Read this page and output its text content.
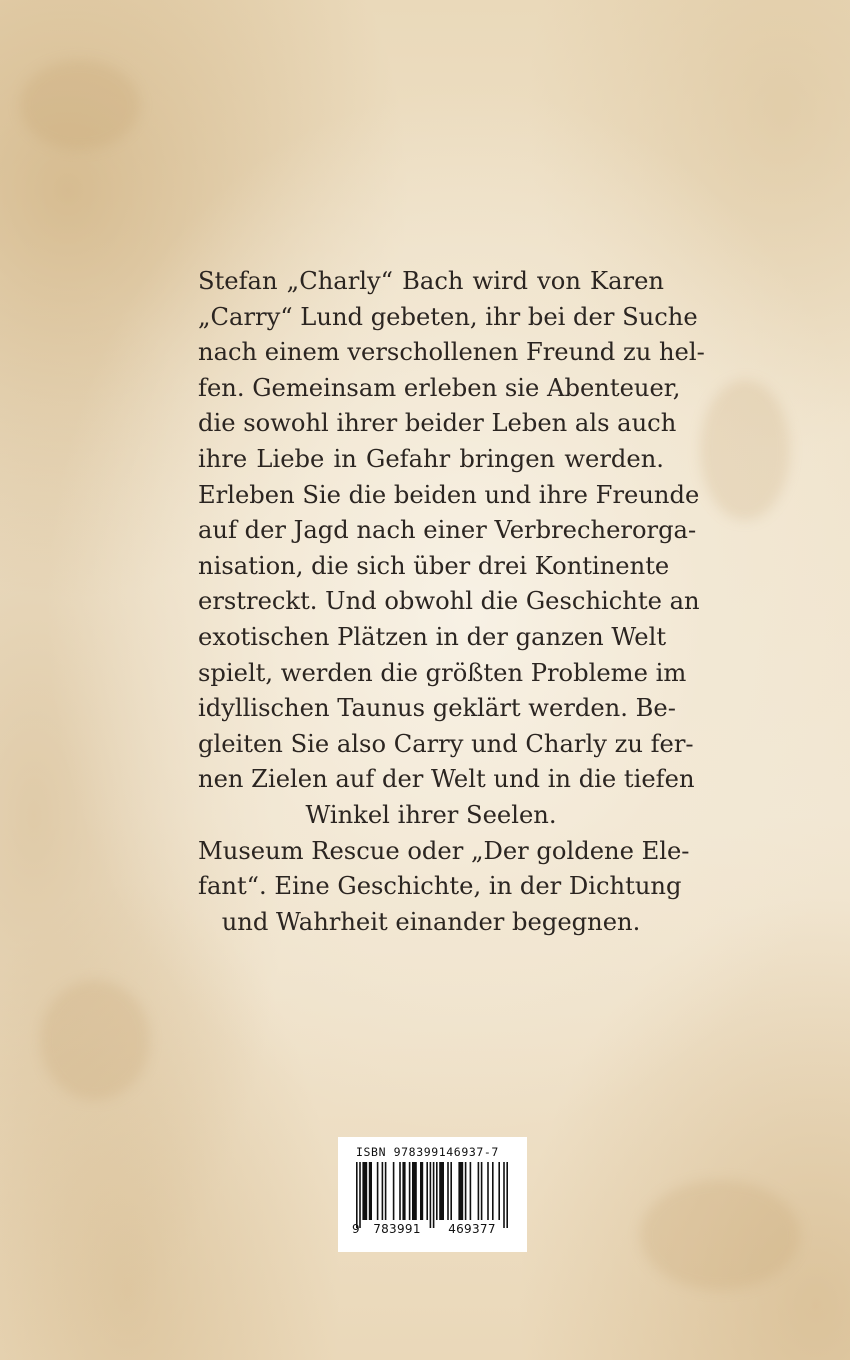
Stefan „Charly“ Bach wird von Karen
„Carry“ Lund gebeten, ihr bei der Suche
nach einem verschollenen Freund zu hel-
fen. Gemeinsam erleben sie Abenteuer,
die sowohl ihrer beider Leben als auch
ihre Liebe in Gefahr bringen werden.
Erleben Sie die beiden und ihre Freunde
auf der Jagd nach einer Verbrecherorga-
nisation, die sich über drei Kontinente
erstreckt. Und obwohl die Geschichte an
exotischen Plätzen in der ganzen Welt
spielt, werden die größten Probleme im
idyllischen Taunus geklärt werden. Be-
gleiten Sie also Carry und Charly zu fer-
nen Zielen auf der Welt und in die tiefen
Winkel ihrer Seelen.
Museum Rescue oder „Der goldene Ele-
fant“. Eine Geschichte, in der Dichtung
und Wahrheit einander begegnen.
ISBN 978399146937-7
9	783991	469377
